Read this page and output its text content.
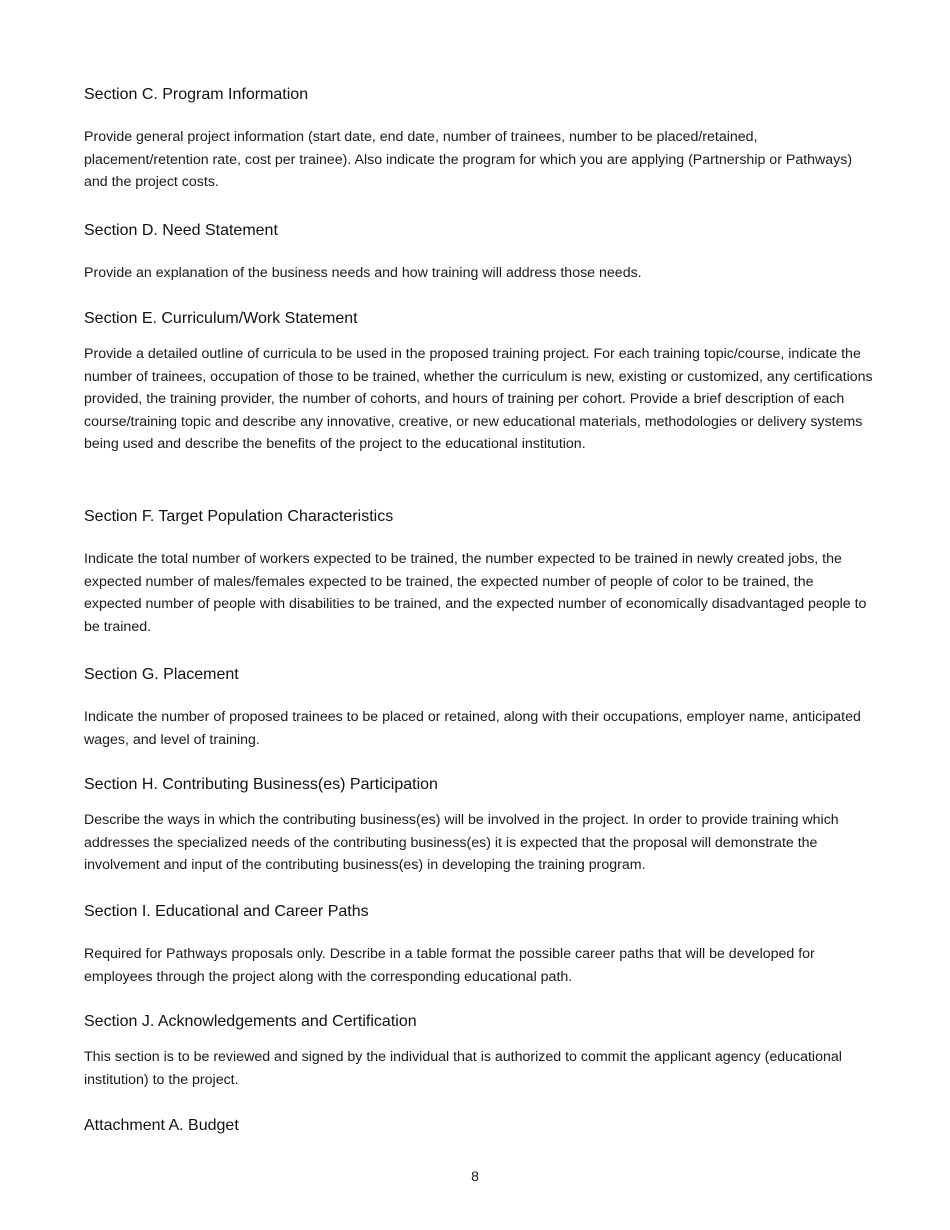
Section C. Program Information

Provide general project information (start date, end date, number of trainees, number to be placed/retained, placement/retention rate, cost per trainee). Also indicate the program for which you are applying (Partnership or Pathways) and the project costs.

Section D. Need Statement

Provide an explanation of the business needs and how training will address those needs.

Section E. Curriculum/Work Statement

Provide a detailed outline of curricula to be used in the proposed training project. For each training topic/course, indicate the number of trainees, occupation of those to be trained, whether the curriculum is new, existing or customized, any certifications provided, the training provider, the number of cohorts, and hours of training per cohort. Provide a brief description of each course/training topic and describe any innovative, creative, or new educational materials, methodologies or delivery systems being used and describe the benefits of the project to the educational institution.

Section F. Target Population Characteristics

Indicate the total number of workers expected to be trained, the number expected to be trained in newly created jobs, the expected number of males/females expected to be trained, the expected number of people of color to be trained, the expected number of people with disabilities to be trained, and the expected number of economically disadvantaged people to be trained.

Section G. Placement

Indicate the number of proposed trainees to be placed or retained, along with their occupations, employer name, anticipated wages, and level of training.

Section H. Contributing Business(es) Participation

Describe the ways in which the contributing business(es) will be involved in the project. In order to provide training which addresses the specialized needs of the contributing business(es) it is expected that the proposal will demonstrate the involvement and input of the contributing business(es) in developing the training program.

Section I. Educational and Career Paths

Required for Pathways proposals only. Describe in a table format the possible career paths that will be developed for employees through the project along with the corresponding educational path.

Section J. Acknowledgements and Certification

This section is to be reviewed and signed by the individual that is authorized to commit the applicant agency (educational institution) to the project.

Attachment A. Budget
8
